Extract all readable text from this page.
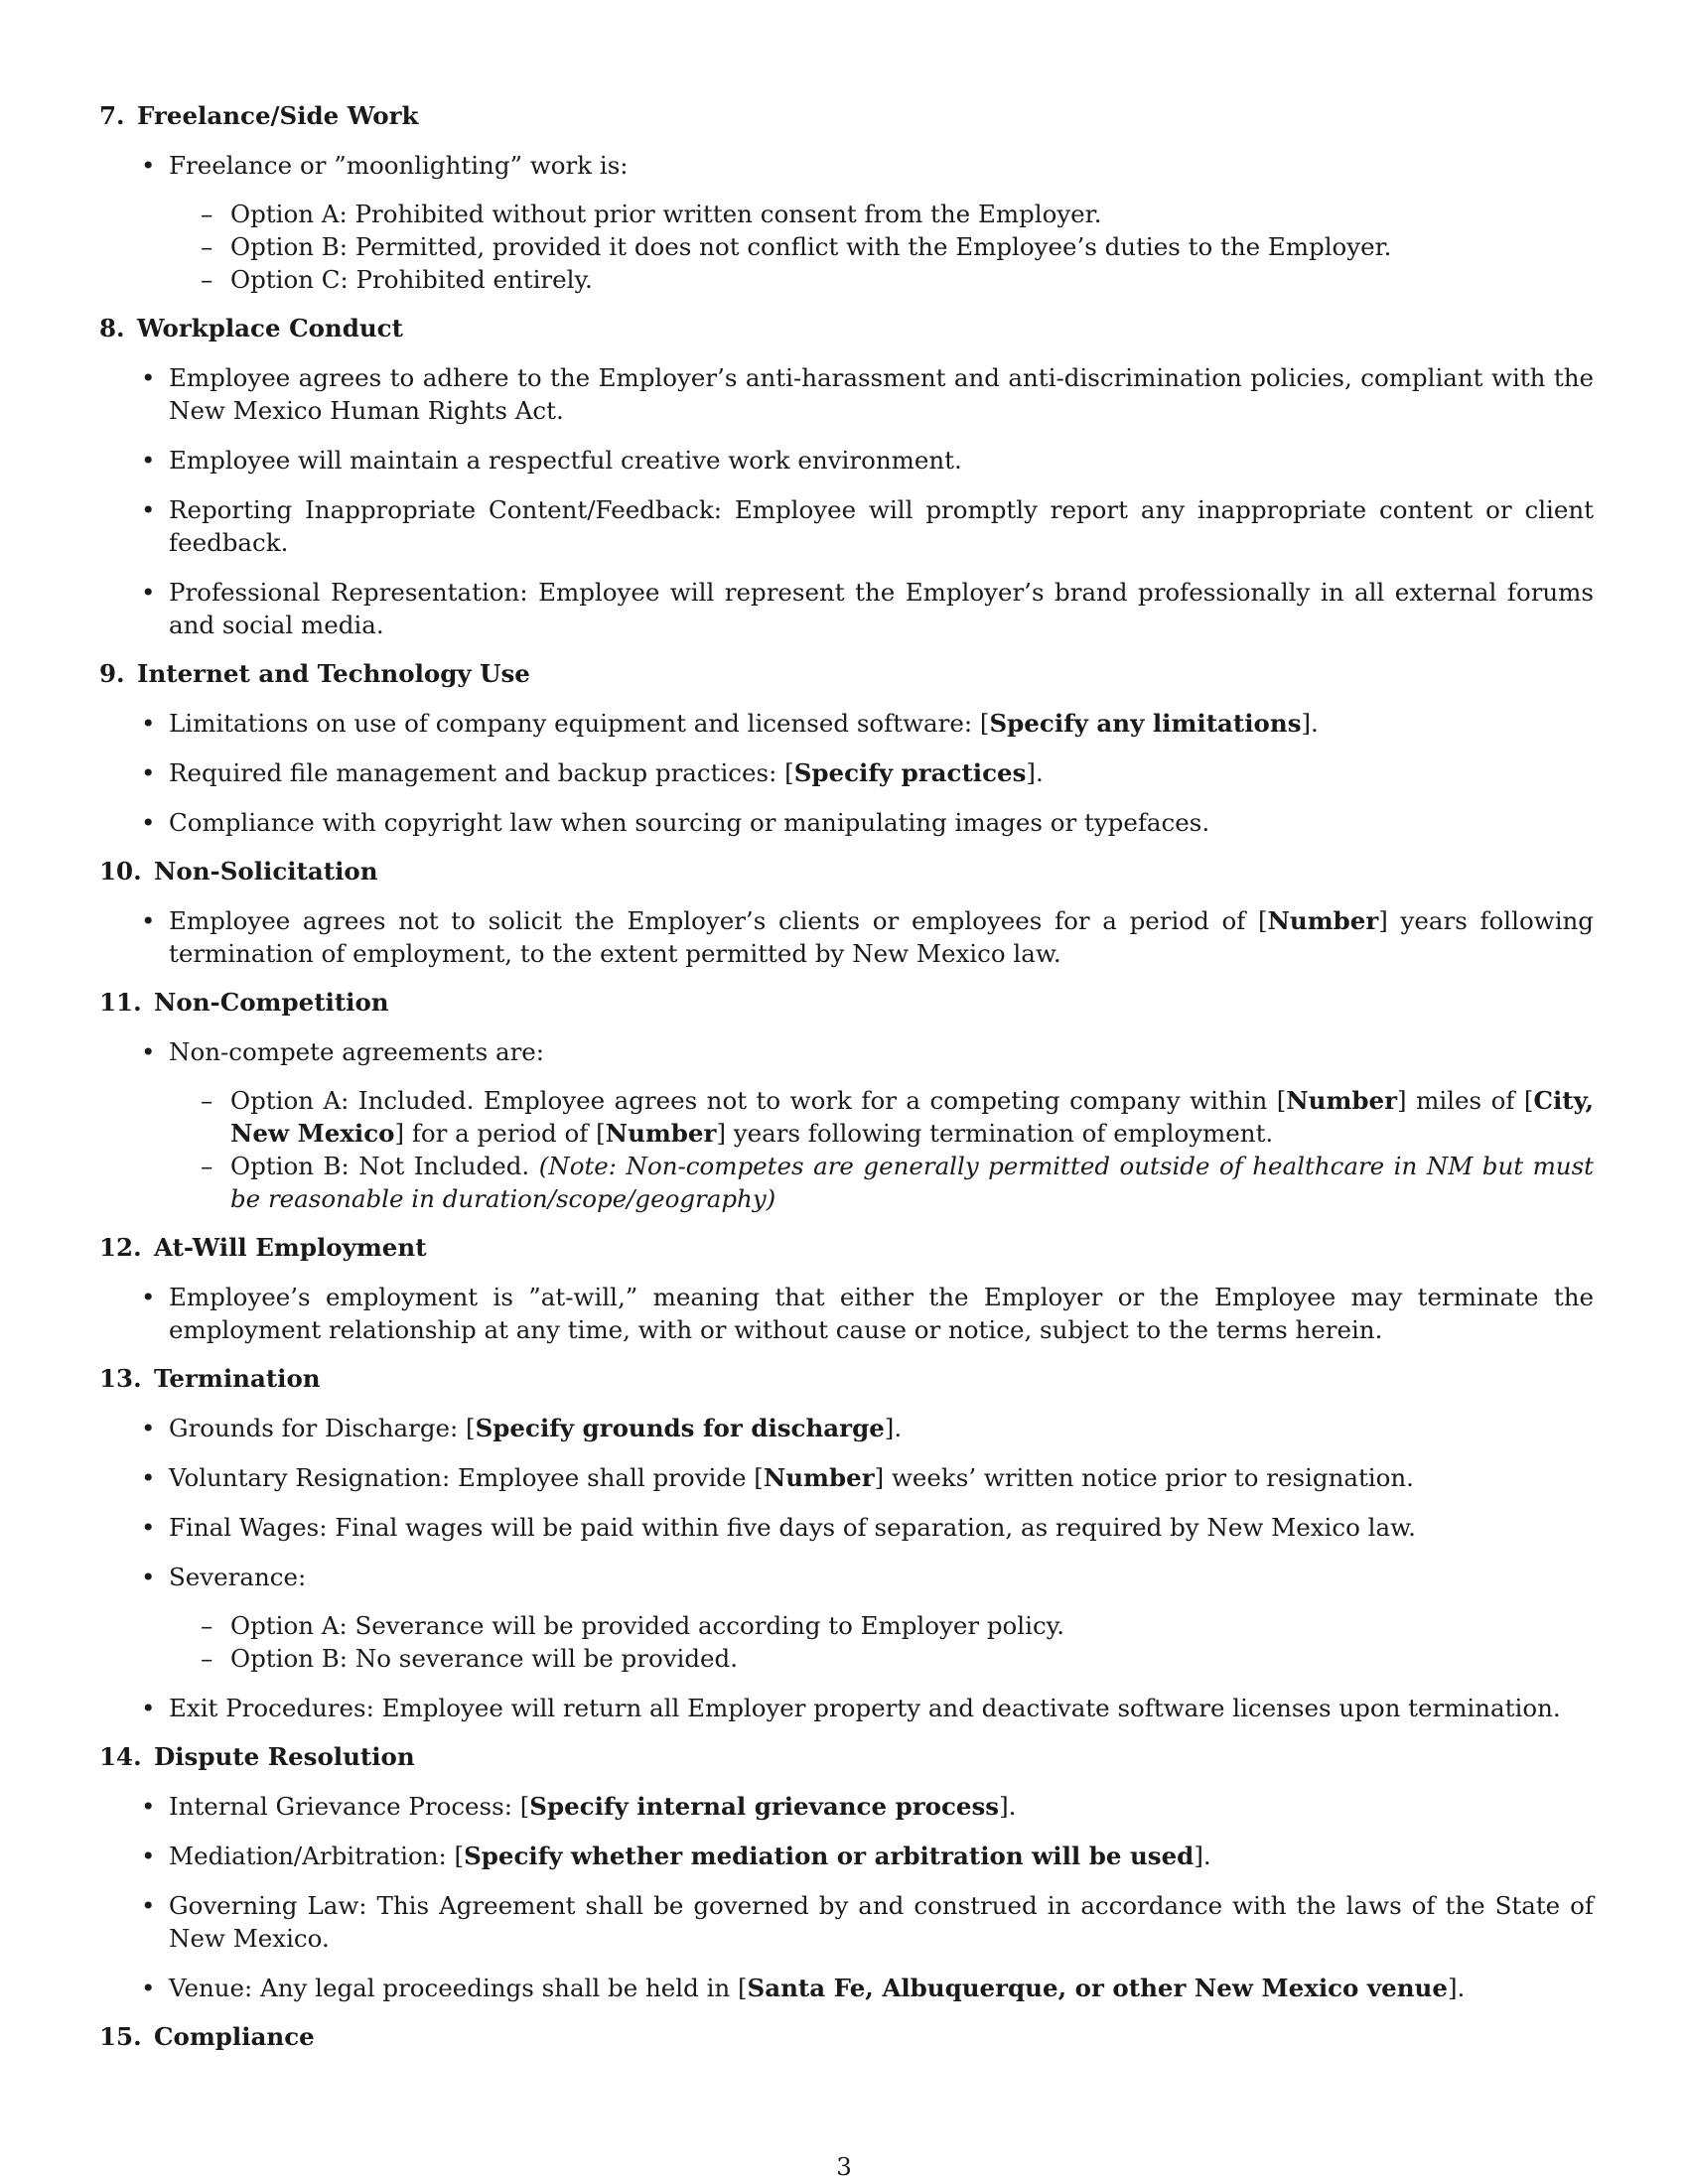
7. Freelance/Side Work
• Freelance or ”moonlighting” work is:
– Option A: Prohibited without prior written consent from the Employer.
– Option B: Permitted, provided it does not conflict with the Employee’s duties to the Employer.
– Option C: Prohibited entirely.
8. Workplace Conduct
• Employee agrees to adhere to the Employer’s anti-harassment and anti-discrimination policies, compliant with the New Mexico Human Rights Act.
• Employee will maintain a respectful creative work environment.
• Reporting Inappropriate Content/Feedback: Employee will promptly report any inappropriate content or client feedback.
• Professional Representation: Employee will represent the Employer’s brand professionally in all external forums and social media.
9. Internet and Technology Use
• Limitations on use of company equipment and licensed software: [Specify any limitations].
• Required file management and backup practices: [Specify practices].
• Compliance with copyright law when sourcing or manipulating images or typefaces.
10. Non-Solicitation
• Employee agrees not to solicit the Employer’s clients or employees for a period of [Number] years following termination of employment, to the extent permitted by New Mexico law.
11. Non-Competition
• Non-compete agreements are:
– Option A: Included. Employee agrees not to work for a competing company within [Number] miles of [City, New Mexico] for a period of [Number] years following termination of employment.
– Option B: Not Included. (Note: Non-competes are generally permitted outside of healthcare in NM but must be reasonable in duration/scope/geography)
12. At-Will Employment
• Employee’s employment is ”at-will,” meaning that either the Employer or the Employee may terminate the employment relationship at any time, with or without cause or notice, subject to the terms herein.
13. Termination
• Grounds for Discharge: [Specify grounds for discharge].
• Voluntary Resignation: Employee shall provide [Number] weeks’ written notice prior to resignation.
• Final Wages: Final wages will be paid within five days of separation, as required by New Mexico law.
• Severance:
– Option A: Severance will be provided according to Employer policy.
– Option B: No severance will be provided.
• Exit Procedures: Employee will return all Employer property and deactivate software licenses upon termination.
14. Dispute Resolution
• Internal Grievance Process: [Specify internal grievance process].
• Mediation/Arbitration: [Specify whether mediation or arbitration will be used].
• Governing Law: This Agreement shall be governed by and construed in accordance with the laws of the State of New Mexico.
• Venue: Any legal proceedings shall be held in [Santa Fe, Albuquerque, or other New Mexico venue].
15. Compliance
3
